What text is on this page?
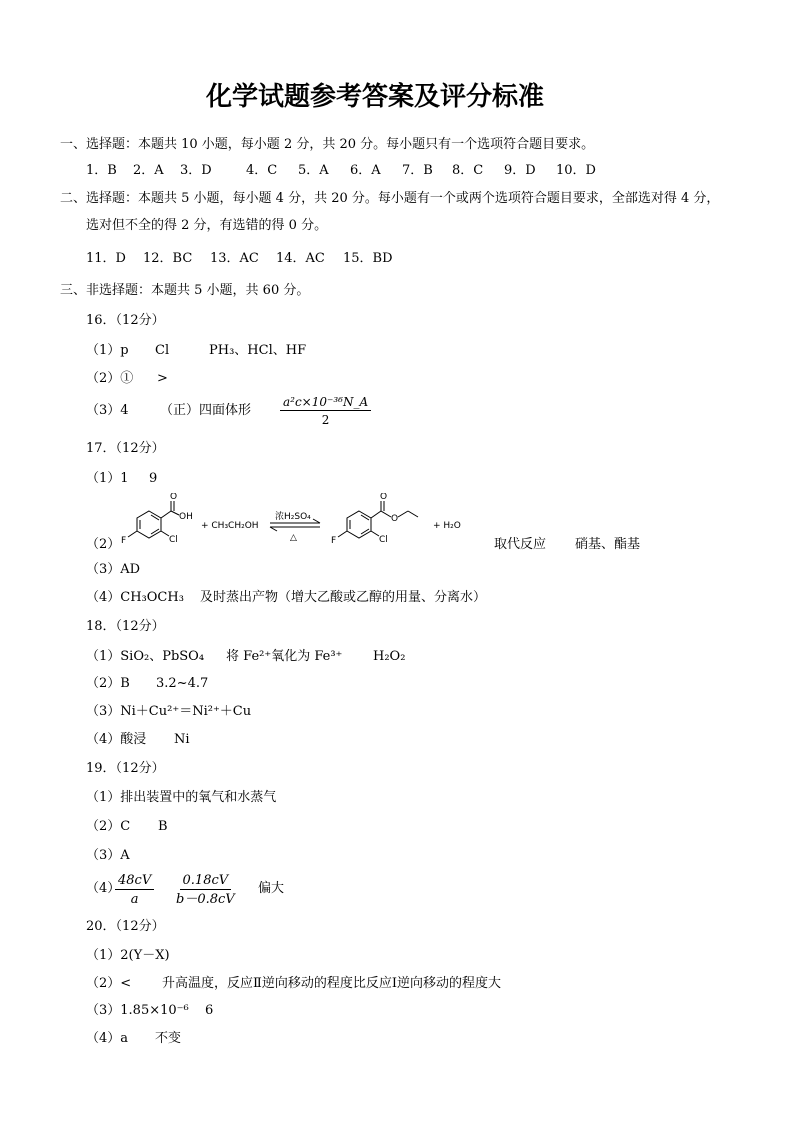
化学试题参考答案及评分标准
一、选择题：本题共 10 小题，每小题 2 分，共 20 分。每小题只有一个选项符合题目要求。
1．B 2．A 3．D	4．C 5．A 6．A 7．B 8．C 9．D 10．D
二、选择题：本题共 5 小题，每小题 4 分，共 20 分。每小题有一个或两个选项符合题目要求，全部选对得 4 分，
选对但不全的得 2 分，有选错的得 0 分。
11．D 12．BC 13．AC 14．AC 15．BD
三、非选择题：本题共 5 小题，共 60 分。
16．（12分）
（1）p Cl	PH₃、HCl、HF
（2）① >
（3）4 （正）四面体形 $\frac{\text{a²c×10⁻³⁶N\_A}}{2}$
17．（12分）
（1）1 9
（2）
O
OH
Cl
F
+ CH₃CH₂OH
浓H₂SO₄
△
O
O
Cl
F
+ H₂O
取代反应 硝基、酯基
（3）AD
（4）CH₃OCH₃ 及时蒸出产物（增大乙酸或乙醇的用量、分离水）
18．（12分）
（1）SiO₂、PbSO₄ 将 Fe²⁺氧化为 Fe³⁺ H₂O₂
（2）B 3.2~4.7
（3）Ni＋Cu²⁺＝Ni²⁺＋Cu
（4）酸浸 Ni
19．（12分）
（1）排出装置中的氧气和水蒸气
（2）C B
（3）A
（4）
$\frac{48cV}{a} \frac{0.18cV}{b-0.8cV}$ 偏大
20．（12分）
（1）2(Y－X)
（2）< 升高温度，反应Ⅱ逆向移动的程度比反应Ⅰ逆向移动的程度大
（3）1.85×10⁻⁶ 6
（4）a 不变
